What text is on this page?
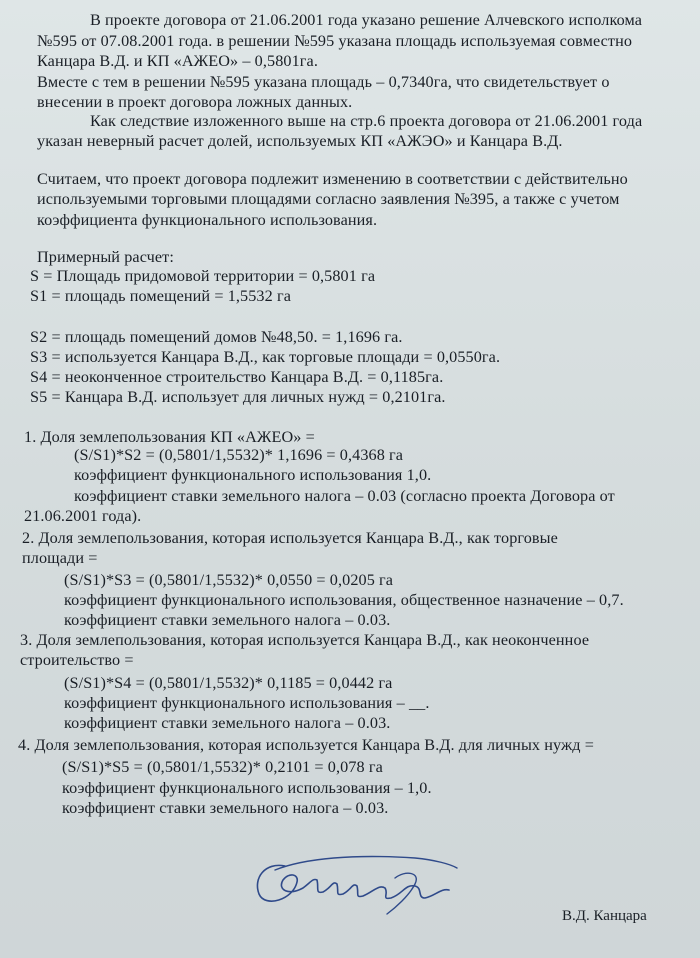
В проекте договора от 21.06.2001 года указано решение Алчевского исполкома
№595 от 07.08.2001 года. в решении №595 указана площадь используемая совместно
Канцара В.Д. и КП «АЖЕО» – 0,5801га.
Вместе с тем в решении №595 указана площадь – 0,7340га, что свидетельствует о
внесении в проект договора ложных данных.
Как следствие изложенного выше на стр.6 проекта договора от 21.06.2001 года
указан неверный расчет долей, используемых КП «АЖЭО» и Канцара В.Д.
Считаем, что проект договора подлежит изменению в соответствии с действительно
используемыми торговыми площадями согласно заявления №395, а также с учетом
коэффициента функционального использования.
Примерный расчет:
S = Площадь придомовой территории = 0,5801 га
S1 = площадь помещений = 1,5532 га
S2 = площадь помещений домов №48,50. = 1,1696 га.
S3 = используется Канцара В.Д., как торговые площади = 0,0550га.
S4 = неоконченное строительство Канцара В.Д. = 0,1185га.
S5 = Канцара В.Д. использует для личных нужд = 0,2101га.
1. Доля землепользования КП «АЖЕО» =
(S/S1)*S2 = (0,5801/1,5532)* 1,1696 = 0,4368 га
коэффициент функционального использования 1,0.
коэффициент ставки земельного налога – 0.03 (согласно проекта Договора от
21.06.2001 года).
2. Доля землепользования, которая используется Канцара В.Д., как торговые
площади =
(S/S1)*S3 = (0,5801/1,5532)* 0,0550 = 0,0205 га
коэффициент функционального использования, общественное назначение – 0,7.
коэффициент ставки земельного налога – 0.03.
3. Доля землепользования, которая используется Канцара В.Д., как неоконченное
строительство =
(S/S1)*S4 = (0,5801/1,5532)* 0,1185 = 0,0442 га
коэффициент функционального использования – __.
коэффициент ставки земельного налога – 0.03.
4. Доля землепользования, которая используется Канцара В.Д. для личных нужд =
(S/S1)*S5 = (0,5801/1,5532)* 0,2101 = 0,078 га
коэффициент функционального использования – 1,0.
коэффициент ставки земельного налога – 0.03.
В.Д. Канцара
